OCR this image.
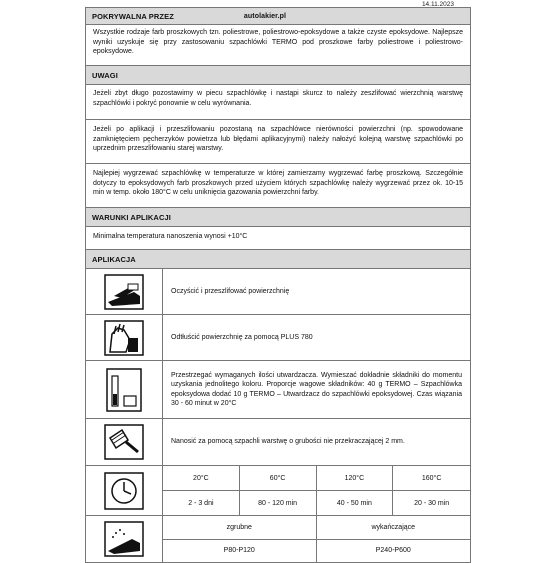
14.11.2023
POKRYWALNA PRZEZ	autolakier.pl

Wszystkie rodzaje farb proszkowych tzn. poliestrowe, poliestrowo-epoksydowe a także czyste epoksydowe. Najlepsze wyniki uzyskuje się przy zastosowaniu szpachlówki TERMO pod proszkowe farby poliestrowe i poliestrowo-epoksydowe.

UWAGI

Jeżeli zbyt długo pozostawimy w piecu szpachlówkę i nastąpi skurcz to należy zeszlifować wierzchnią warstwę szpachlówki i pokryć ponownie w celu wyrównania.

Jeżeli po aplikacji i przeszlifowaniu pozostaną na szpachlówce nierówności powierzchni (np. spowodowane zamkniętęciem pęcherzyków powietrza lub błędami aplikacyjnymi) należy nałożyć kolejną warstwę szpachlówki po uprzednim przeszlifowaniu starej warstwy.

Najlepiej wygrzewać szpachlówkę w temperaturze w której zamierzamy wygrzewać farbę proszkową. Szczegółnie dotyczy to epoksydowych farb proszkowych przed użyciem których szpachlówkę należy wygrzewać przez ok. 10-15 min w temp. około 180°C w celu uniknięcia gazowania powierzchni farby.

WARUNKI APLIKACJI

Minimalna temperatura nanoszenia wynosi +10°C

APLIKACJA
Oczyścić i przeszlifować powierzchnię
Odtłuścić powierzchnię za pomocą PLUS 780
Przestrzegać wymaganych ilości utwardzacza. Wymieszać dokładnie składniki do momentu uzyskania jednolitego koloru. Proporcje wagowe składników: 40 g TERMO – Szpachlówka epoksydowa dodać 10 g TERMO – Utwardzacz do szpachlówki epoksydowej. Czas wiązania 30 - 60 minut w 20°C
Nanosić za pomocą szpachli warstwę o grubości nie przekraczającej 2 mm.
20°C	60°C	120°C	160°C
2 - 3 dni	80 - 120 min	40 - 50 min	20 - 30 min
zgrubne	wykańczające
P80-P120	P240-P600
